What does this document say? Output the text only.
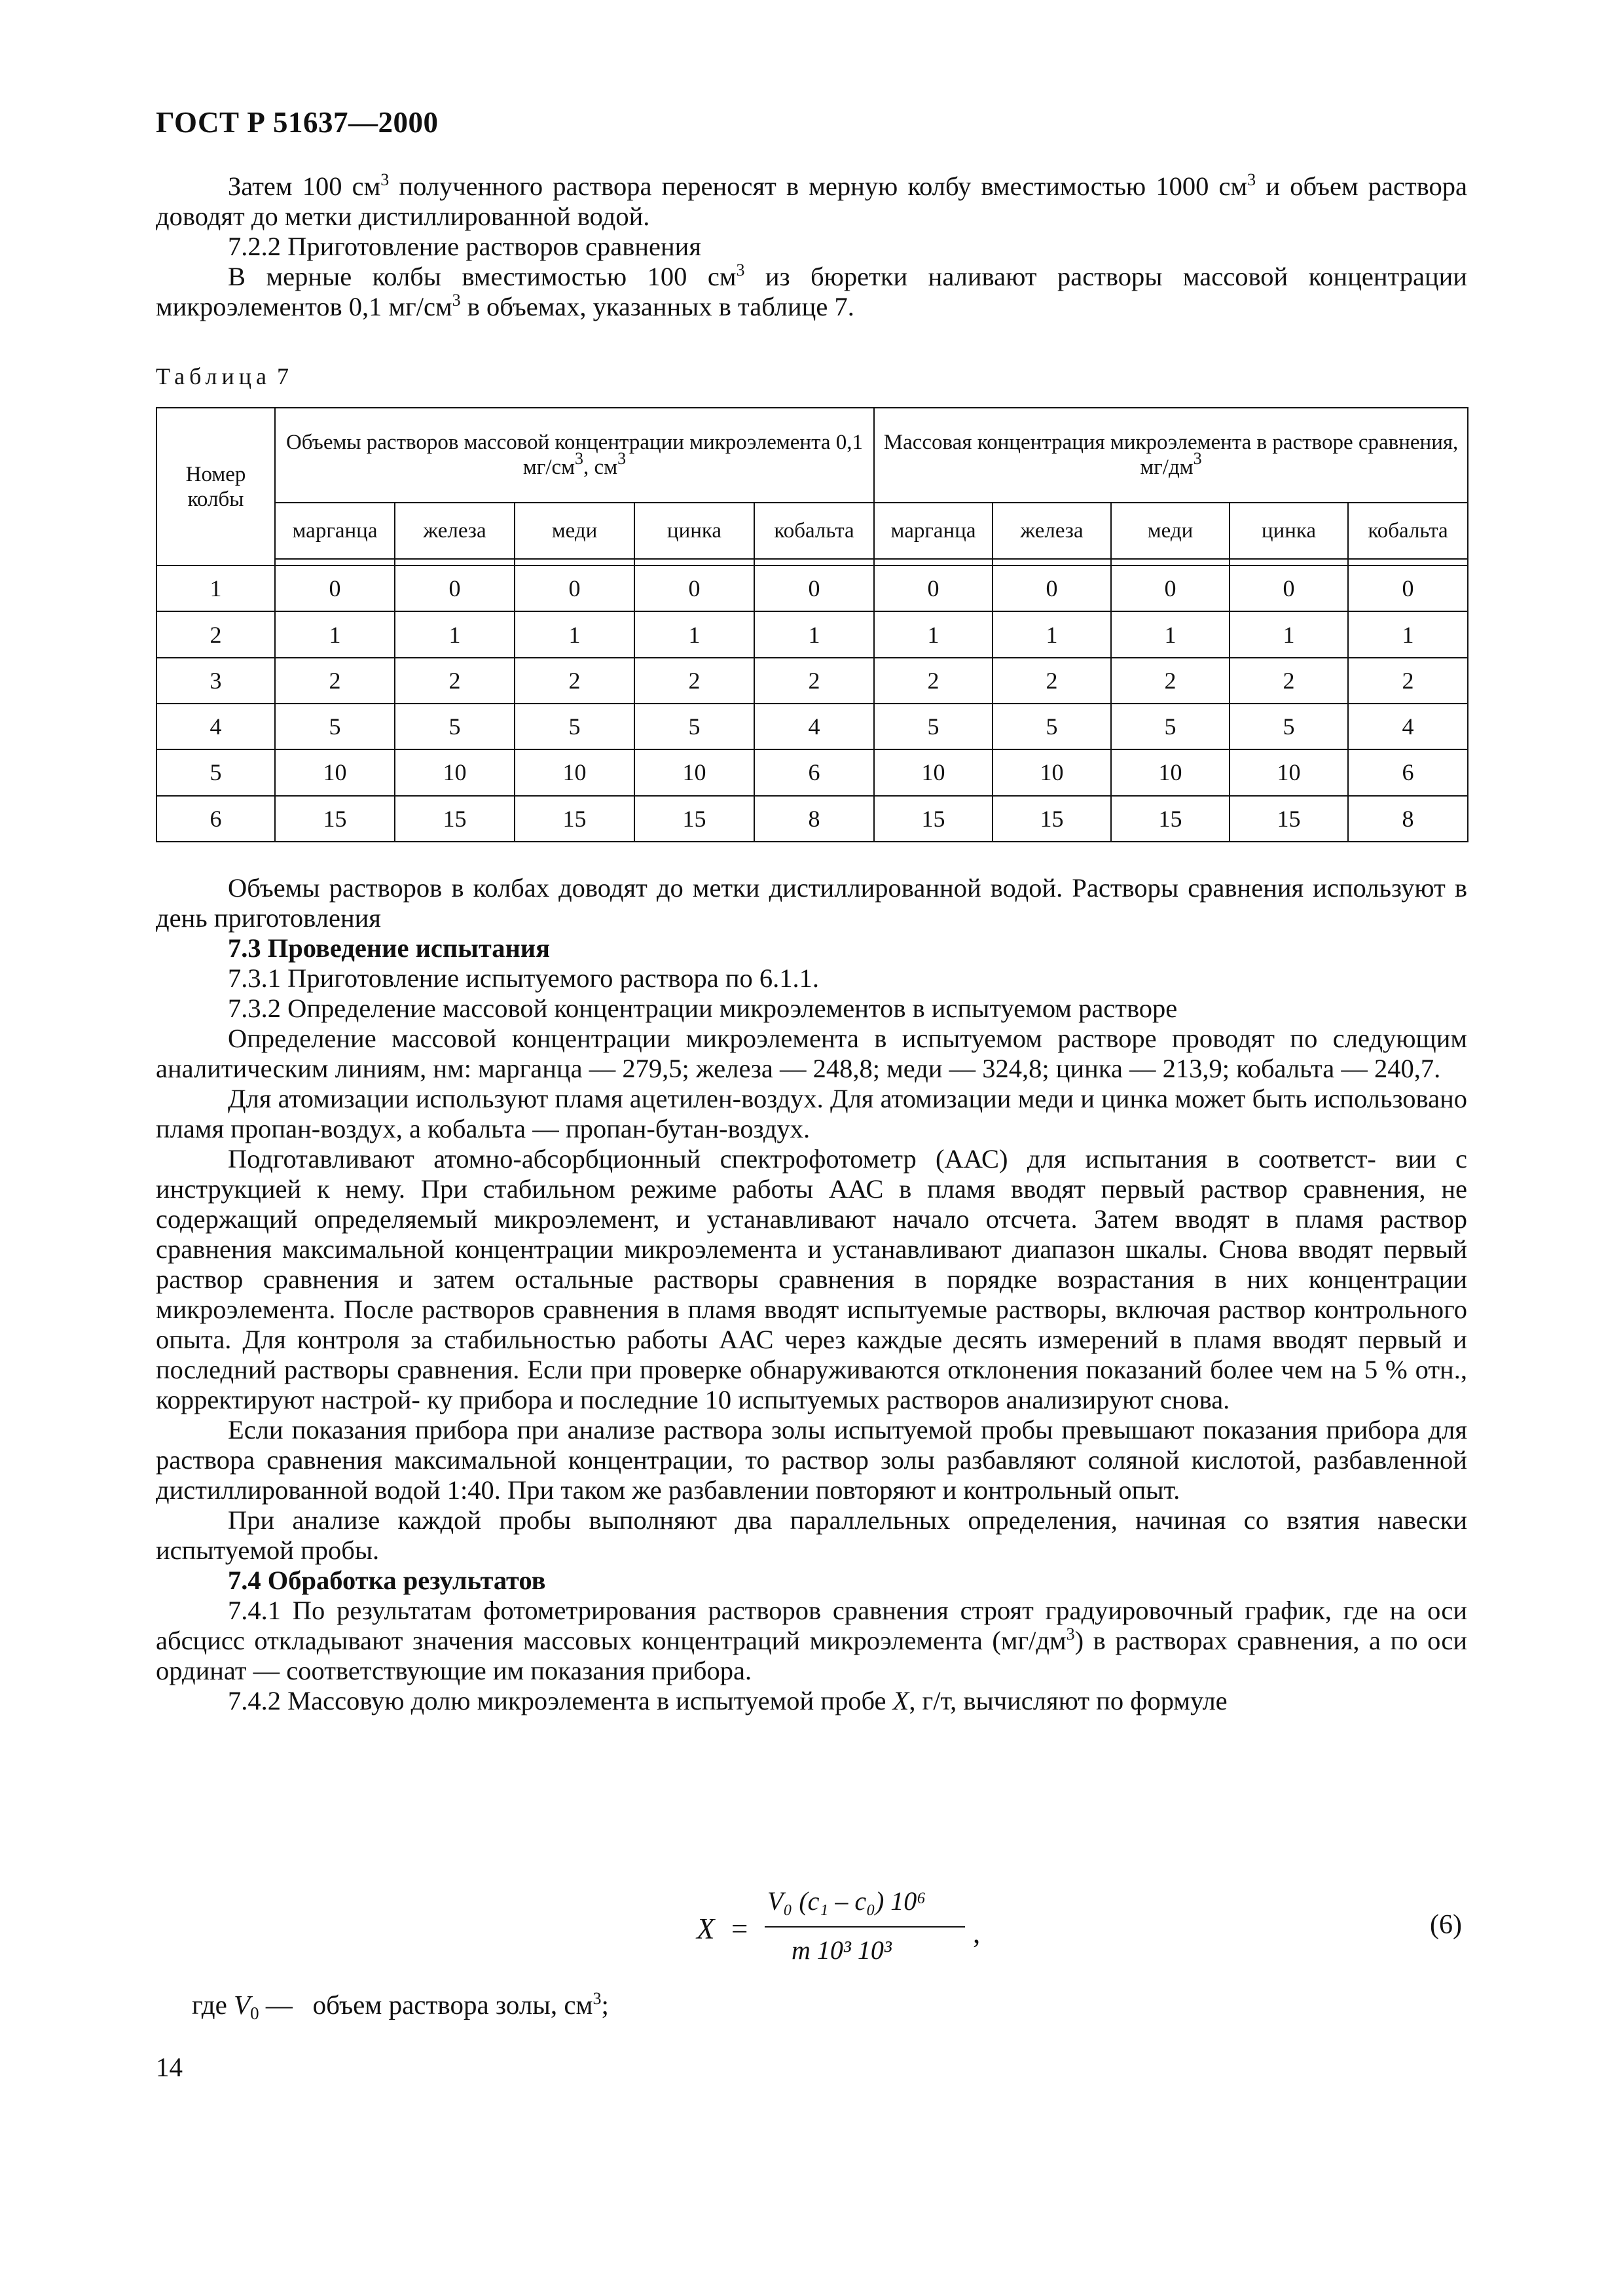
ГОСТ Р 51637—2000

Затем 100 $см^3$ полученного раствора переносят в мерную колбу вместимостью 1000 $см^3$ и объем раствора доводят до метки дистиллированной водой.

7.2.2 Приготовление растворов сравнения

В мерные колбы вместимостью 100 $см^3$ из бюретки наливают растворы массовой концентрации микроэлементов 0,1 $мг/см^3$ в объемах, указанных в таблице 7.

Таблица 7
Номер колбы	Объемы растворов массовой концентрации микроэлемента 0,1 $мг/см^3$, $см^3$					Массовая концентрация микроэлемента в растворе сравнения, $мг/дм^3$
	марганца	железа	меди	цинка	кобальта	марганца	железа	меди	цинка	кобальта

1	0	0	0	0	0	0	0	0	0	0
2	1	1	1	1	1	1	1	1	1	1
3	2	2	2	2	2	2	2	2	2	2
4	5	5	5	5	4	5	5	5	5	4
5	10	10	10	10	6	10	10	10	10	6
6	15	15	15	15	8	15	15	15	15	8

Объемы растворов в колбах доводят до метки дистиллированной водой. Растворы сравнения используют в день приготовления

7.3 Проведение испытания

7.3.1 Приготовление испытуемого раствора по 6.1.1.

7.3.2 Определение массовой концентрации микроэлементов в испытуемом растворе

Определение массовой концентрации микроэлемента в испытуемом растворе проводят по следующим аналитическим линиям, нм: марганца — 279,5; железа — 248,8; меди — 324,8; цинка — 213,9; кобальта — 240,7.

Для атомизации используют пламя ацетилен-воздух. Для атомизации меди и цинка может быть использовано пламя пропан-воздух, а кобальта — пропан-бутан-воздух.

Подготавливают атомно-абсорбционный спектрофотометр (ААС) для испытания в соответст- вии с инструкцией к нему. При стабильном режиме работы ААС в пламя вводят первый раствор сравнения, не содержащий определяемый микроэлемент, и устанавливают начало отсчета. Затем вводят в пламя раствор сравнения максимальной концентрации микроэлемента и устанавливают диапазон шкалы. Снова вводят первый раствор сравнения и затем остальные растворы сравнения в порядке возрастания в них концентрации микроэлемента. После растворов сравнения в пламя вводят испытуемые растворы, включая раствор контрольного опыта. Для контроля за стабильностью работы ААС через каждые десять измерений в пламя вводят первый и последний растворы сравнения. Если при проверке обнаруживаются отклонения показаний более чем на 5 % отн., корректируют настрой- ку прибора и последние 10 испытуемых растворов анализируют снова.

Если показания прибора при анализе раствора золы испытуемой пробы превышают показания прибора для раствора сравнения максимальной концентрации, то раствор золы разбавляют соляной кислотой, разбавленной дистиллированной водой 1:40. При таком же разбавлении повторяют и контрольный опыт.

При анализе каждой пробы выполняют два параллельных определения, начиная со взятия навески испытуемой пробы.

7.4 Обработка результатов

7.4.1 По результатам фотометрирования растворов сравнения строят градуировочный график, где на оси абсцисс откладывают значения массовых концентраций микроэлемента $(мг/дм^3)$ в растворах сравнения, а по оси ординат — соответствующие им показания прибора.

7.4.2 Массовую долю микроэлемента в испытуемой пробе X, г/т, вычисляют по формуле

X =
V₀ (c₁ – c₀) 10⁶
m 10³ 10³
,	(6)
где $V_0$ — объем раствора золы, $см^3$;
14
